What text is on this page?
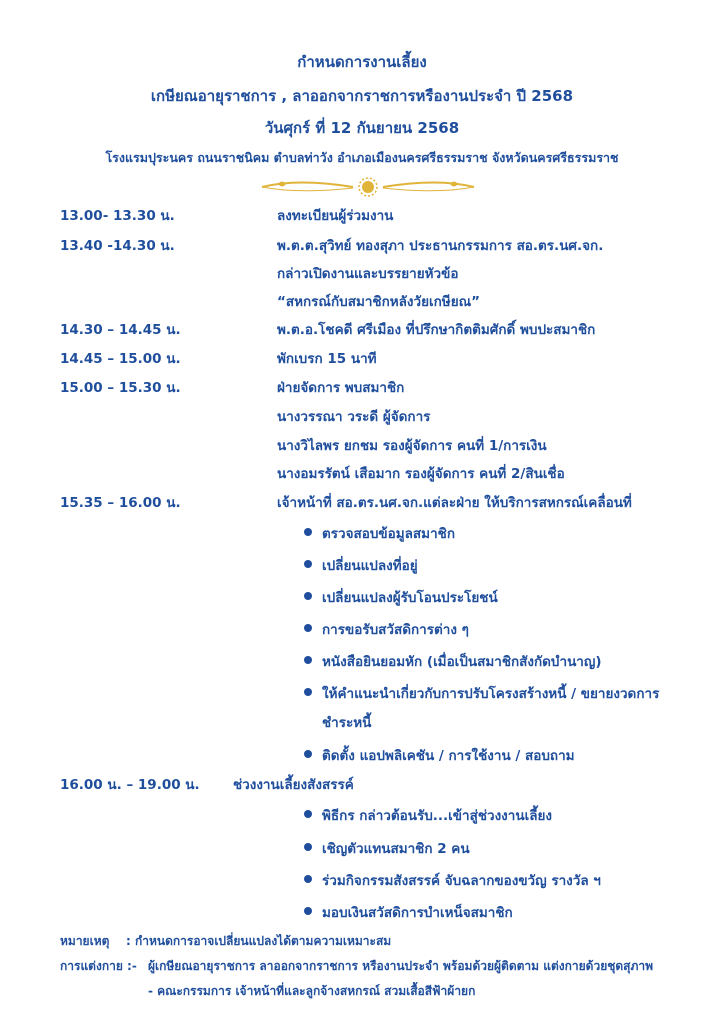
กำหนดการงานเลี้ยง
เกษียณอายุราชการ , ลาออกจากราชการหรืองานประจำ ปี 2568
วันศุกร์ ที่ 12 กันยายน 2568
โรงแรมปุระนคร ถนนราชนิคม ตำบลท่าวัง อำเภอเมืองนครศรีธรรมราช จังหวัดนครศรีธรรมราช
13.00- 13.30 น.	ลงทะเบียนผู้ร่วมงาน
13.40 -14.30 น.	พ.ต.ต.สุวิทย์ ทองสุภา ประธานกรรมการ สอ.ตร.นศ.จก.
กล่าวเปิดงานและบรรยายหัวข้อ
“สหกรณ์กับสมาชิกหลังวัยเกษียณ”
14.30 – 14.45 น.	พ.ต.อ.โชคดี ศรีเมือง ที่ปรึกษากิตติมศักดิ์ พบปะสมาชิก
14.45 – 15.00 น.	พักเบรก 15 นาที
15.00 – 15.30 น.	ฝ่ายจัดการ พบสมาชิก
นางวรรณา วระดี ผู้จัดการ
นางวิไลพร ยกชม รองผู้จัดการ คนที่ 1/การเงิน
นางอมรรัตน์ เสือมาก รองผู้จัดการ คนที่ 2/สินเชื่อ
15.35 – 16.00 น.	เจ้าหน้าที่ สอ.ตร.นศ.จก.แต่ละฝ่าย ให้บริการสหกรณ์เคลื่อนที่
ตรวจสอบข้อมูลสมาชิก
เปลี่ยนแปลงที่อยู่
เปลี่ยนแปลงผู้รับโอนประโยชน์
การขอรับสวัสดิการต่าง ๆ
หนังสือยินยอมหัก (เมื่อเป็นสมาชิกสังกัดบำนาญ)
ให้คำแนะนำเกี่ยวกับการปรับโครงสร้างหนี้ / ขยายงวดการ
ชำระหนี้
ติดตั้ง แอปพลิเคชัน / การใช้งาน / สอบถาม
16.00 น. – 19.00 น. ช่วงงานเลี้ยงสังสรรค์
พิธีกร กล่าวต้อนรับ...เข้าสู่ช่วงงานเลี้ยง
เชิญตัวแทนสมาชิก 2 คน
ร่วมกิจกรรมสังสรรค์ จับฉลากของขวัญ รางวัล ฯ
มอบเงินสวัสดิการบำเหน็จสมาชิก
หมายเหตุ : กำหนดการอาจเปลี่ยนแปลงได้ตามความเหมาะสม
การแต่งกาย :- ผู้เกษียณอายุราชการ ลาออกจากราชการ หรืองานประจำ พร้อมด้วยผู้ติดตาม แต่งกายด้วยชุดสุภาพ
- คณะกรรมการ เจ้าหน้าที่และลูกจ้างสหกรณ์ สวมเสื้อสีฟ้าผ้ายก
